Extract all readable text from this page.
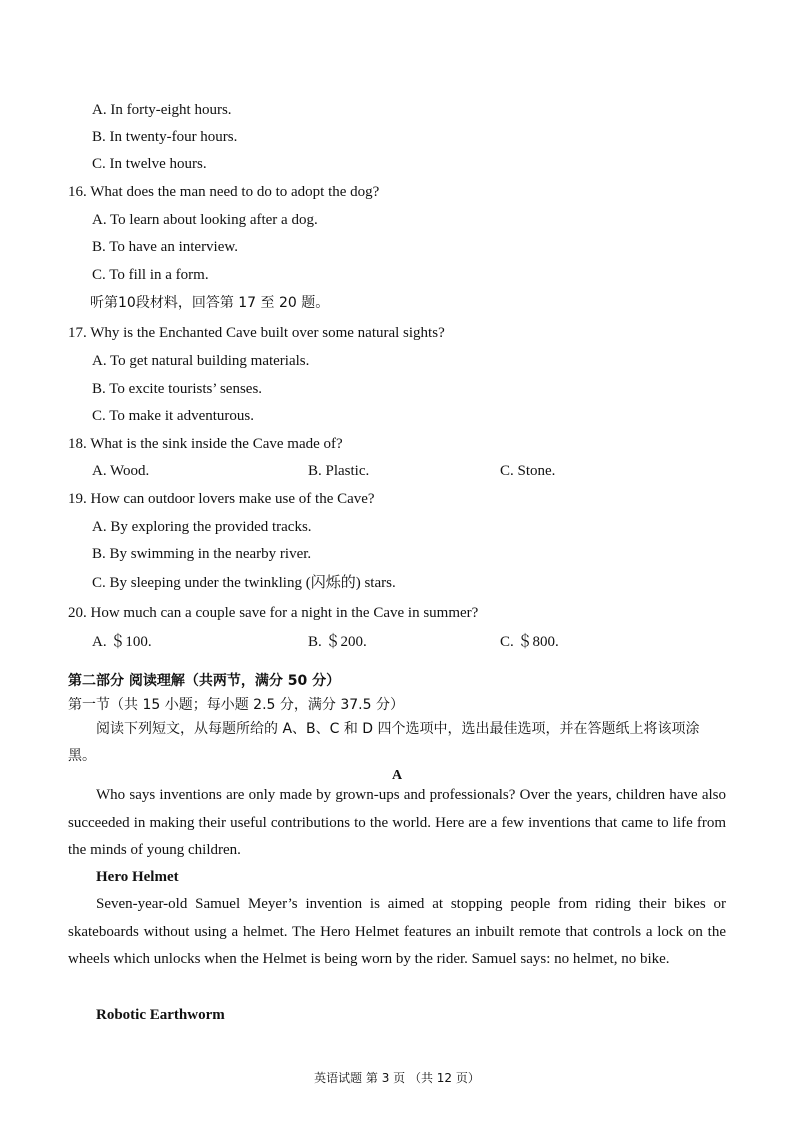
A. In forty-eight hours.
B. In twenty-four hours.
C. In twelve hours.
16. What does the man need to do to adopt the dog?
A. To learn about looking after a dog.
B. To have an interview.
C. To fill in a form.
听第10段材料，回答第 17 至 20 题。
17. Why is the Enchanted Cave built over some natural sights?
A. To get natural building materials.
B. To excite tourists’ senses.
C. To make it adventurous.
18. What is the sink inside the Cave made of?
A. Wood.	B. Plastic.	C. Stone.
19. How can outdoor lovers make use of the Cave?
A. By exploring the provided tracks.
B. By swimming in the nearby river.
C. By sleeping under the twinkling (闪烁的) stars.
20. How much can a couple save for a night in the Cave in summer?
A. ＄100.	B. ＄200.	C. ＄800.
第二部分 阅读理解（共两节，满分 50 分）
第一节（共 15 小题；每小题 2.5 分，满分 37.5 分）
阅读下列短文，从每题所给的 A、B、C 和 D 四个选项中，选出最佳选项，并在答题纸上将该项涂黑。
A
Who says inventions are only made by grown-ups and professionals? Over the years, children have also succeeded in making their useful contributions to the world. Here are a few inventions that came to life from the minds of young children.
Hero Helmet
Seven-year-old Samuel Meyer’s invention is aimed at stopping people from riding their bikes or skateboards without using a helmet. The Hero Helmet features an inbuilt remote that controls a lock on the wheels which unlocks when the Helmet is being worn by the rider. Samuel says: no helmet, no bike.
Robotic Earthworm
英语试题 第 3 页 （共 12 页）
